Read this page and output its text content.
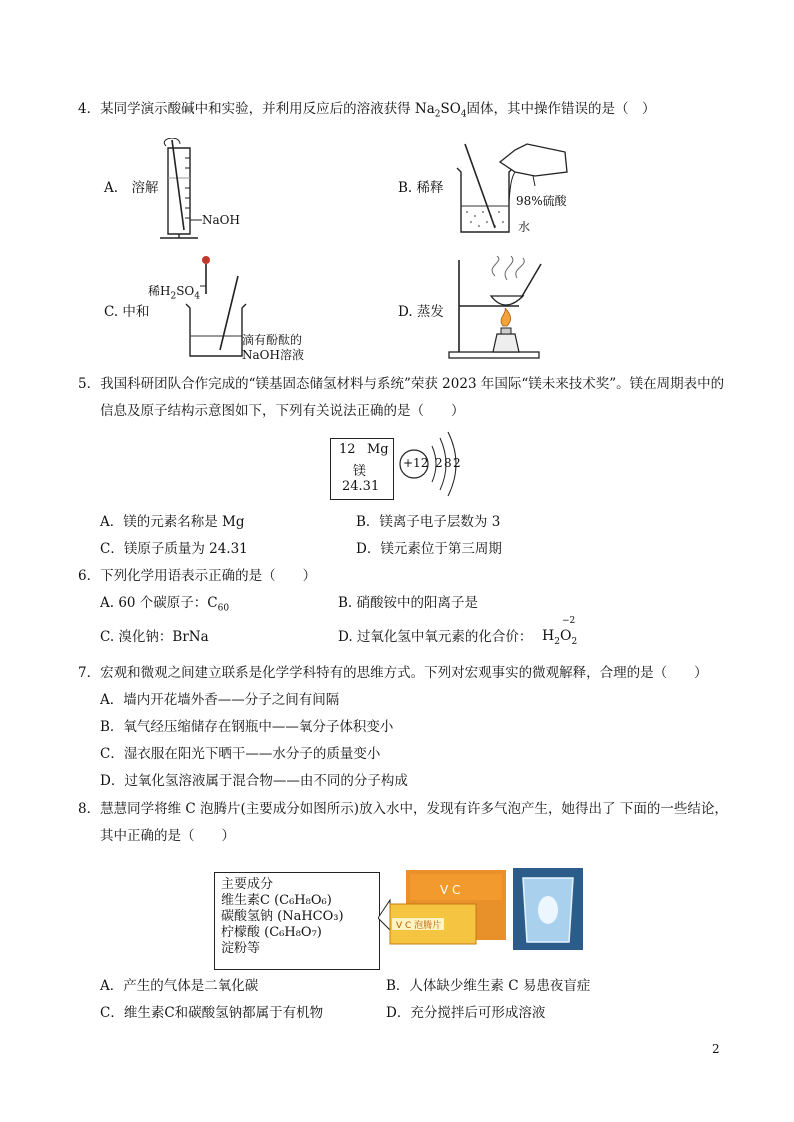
4．某同学演示酸碱中和实验，并利用反应后的溶液获得 $Na_2SO_4$固体，其中操作错误的是（　）
A.　溶解
NaOH
B. 稀释
98%硫酸
水
C. 中和
稀$H_2SO_4$
滴有酚酞的
NaOH溶液
D. 蒸发
5．我国科研团队合作完成的“镁基固态储氢材料与系统”荣获 2023 年国际“镁未来技术奖”。镁在周期表中的
信息及原子结构示意图如下，下列有关说法正确的是（　　）
12 Mg
镁
24.31
+12 2 8 2
A．镁的元素名称是 Mg	B．镁离子电子层数为 3
C．镁原子质量为 24.31	D．镁元素位于第三周期
6．下列化学用语表示正确的是（　　）
A. 60 个碳原子：$C_{60}$	B. 硝酸铵中的阳离子是
C. 溴化钠：BrNa	D. 过氧化氢中氧元素的化合价： $H_2O_2$
−2
7．宏观和微观之间建立联系是化学学科特有的思维方式。下列对宏观事实的微观解释，合理的是（　　）
A．墙内开花墙外香——分子之间有间隔
B．氧气经压缩储存在钢瓶中——氧分子体积变小
C．湿衣服在阳光下晒干——水分子的质量变小
D．过氧化氢溶液属于混合物——由不同的分子构成
8．慧慧同学将维 C 泡腾片(主要成分如图所示)放入水中，发现有许多气泡产生，她得出了 下面的一些结论，
其中正确的是（　　）
主要成分
维生素C (C₆H₈O₆)
碳酸氢钠 (NaHCO₃)
柠檬酸 (C₆H₈O₇)
淀粉等
V C
V C 泡腾片
A．产生的气体是二氧化碳	B．人体缺少维生素 C 易患夜盲症
C．维生素C和碳酸氢钠都属于有机物	D．充分搅拌后可形成溶液
2
